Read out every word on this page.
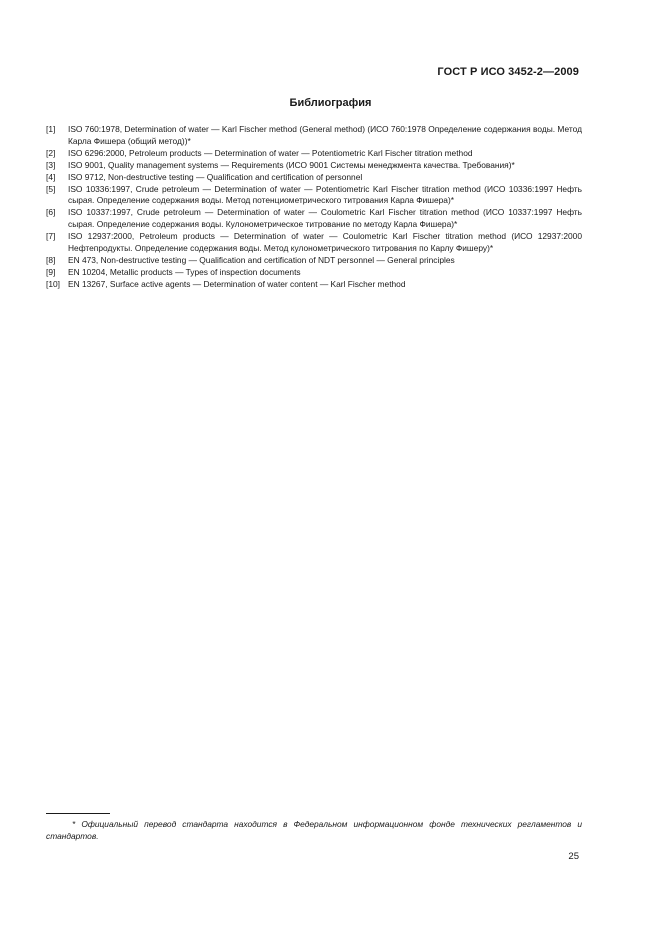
ГОСТ Р ИСО 3452-2—2009
Библиография
[1]	ISO 760:1978, Determination of water — Karl Fischer method (General method) (ИСО 760:1978 Определение содержания воды. Метод Карла Фишера (общий метод))*
[2]	ISO 6296:2000, Petroleum products — Determination of water — Potentiometric Karl Fischer titration method
[3]	ISO 9001, Quality management systems — Requirements (ИСО 9001 Системы менеджмента качества. Требования)*
[4]	ISO 9712, Non-destructive testing — Qualification and certification of personnel
[5]	ISO 10336:1997, Crude petroleum — Determination of water — Potentiometric Karl Fischer titration method (ИСО 10336:1997 Нефть сырая. Определение содержания воды. Метод потенциометрического титрования Карла Фишера)*
[6]	ISO 10337:1997, Crude petroleum — Determination of water — Coulometric Karl Fischer titration method (ИСО 10337:1997 Нефть сырая. Определение содержания воды. Кулонометрическое титрование по методу Карла Фишера)*
[7]	ISO 12937:2000, Petroleum products — Determination of water — Coulometric Karl Fischer titration method (ИСО 12937:2000 Нефтепродукты. Определение содержания воды. Метод кулонометрического титрования по Карлу Фишеру)*
[8]	EN 473, Non-destructive testing — Qualification and certification of NDT personnel — General principles
[9]	EN 10204, Metallic products — Types of inspection documents
[10] EN 13267, Surface active agents — Determination of water content — Karl Fischer method
* Официальный перевод стандарта находится в Федеральном информационном фонде технических регламентов и стандартов.
25
